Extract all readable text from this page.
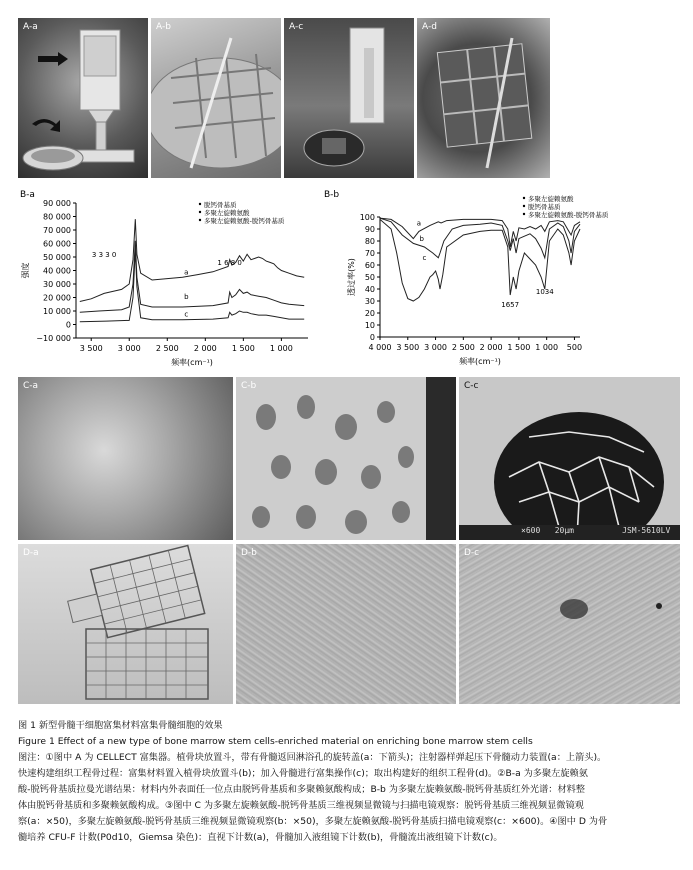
A-a	A-b	A-c	A-d
B-a
−10 000
0
10 000
20 000
30 000
40 000
50 000
60 000
70 000
80 000
90 000
3 500 3 000 2 500 2 000 1 500 1 000
频率(cm⁻¹)
强度
脱钙骨基质
多聚左旋赖氨酸
多聚左旋赖氨酸-脱钙骨基质
3 3 3 0
1 6 8 0
a
b
c
B-b
0
10
20
30
40
50
60
70
80
90
100
4 000 3 500 3 000 2 500 2 000 1 500 1 000 500
频率(cm⁻¹)
透过率(%)
多聚左旋赖氨酸
脱钙骨基质
多聚左旋赖氨酸-脱钙骨基质
a
b
c
1657
1034
C-a	C-b	C-c
×600   20μm          JSM-5610LV
D-a	D-b	D-c
图 1 新型骨髓干细胞富集材料富集骨髓细胞的效果
Figure 1 Effect of a new type of bone marrow stem cells-enriched material on enriching bone marrow stem cells
图注：①图中 A 为 CELLECT 富集器。植骨块放置斗，带有骨髓返回淋浴孔的旋转盖(a：下箭头)；注射器样弹起压下骨髓动力装置(a：上箭头)。
快速构建组织工程骨过程：富集材料置入植骨块放置斗(b)；加入骨髓进行富集操作(c)；取出构建好的组织工程骨(d)。②B-a 为多聚左旋赖氨
酸-脱钙骨基质拉曼光谱结果：材料内外表面任一位点由脱钙骨基质和多聚赖氨酸构成；B-b 为多聚左旋赖氨酸-脱钙骨基质红外光谱：材料整
体由脱钙骨基质和多聚赖氨酸构成。③图中 C 为多聚左旋赖氨酸-脱钙骨基质三维视频显微镜与扫描电镜观察：脱钙骨基质三维视频显微镜观
察(a：×50)，多聚左旋赖氨酸-脱钙骨基质三维视频显微镜观察(b：×50)，多聚左旋赖氨酸-脱钙骨基质扫描电镜观察(c：×600)。④图中 D 为骨
髓培养 CFU-F 计数(P0d10，Giemsa 染色)：直视下计数(a)，骨髓加入液组镜下计数(b)，骨髓流出液组镜下计数(c)。
